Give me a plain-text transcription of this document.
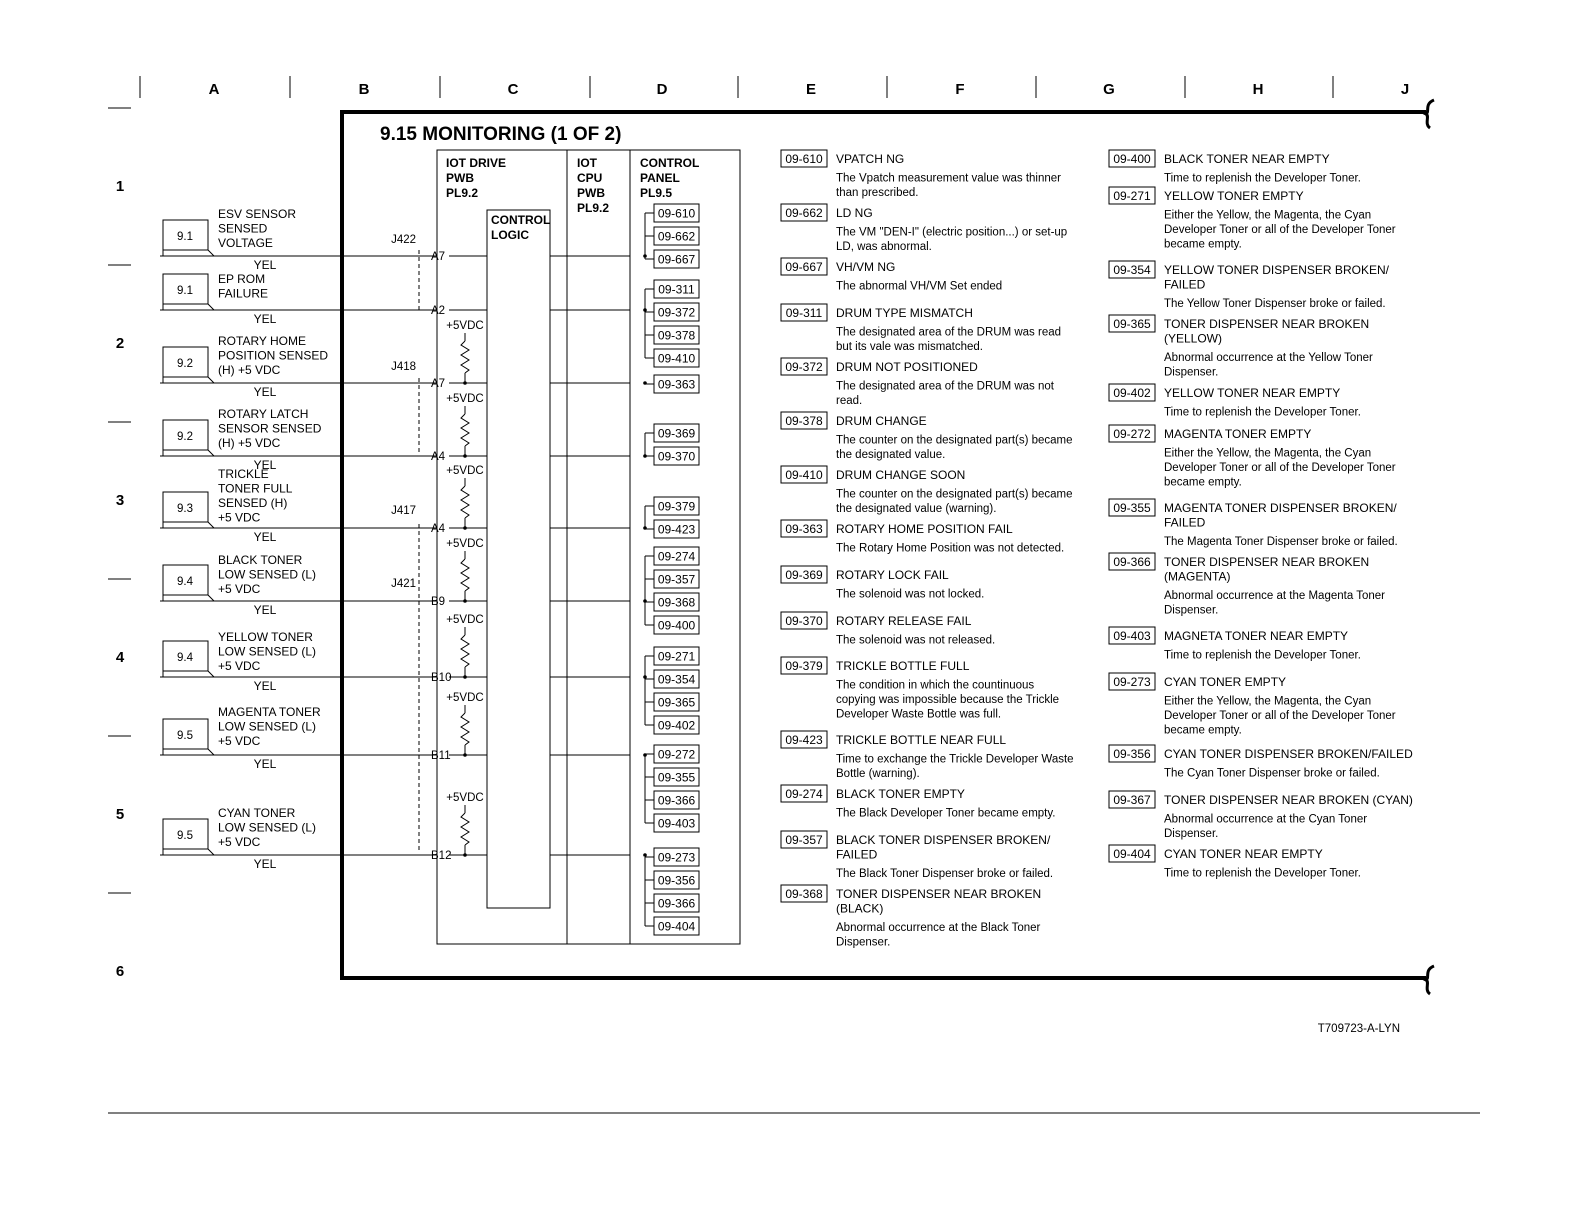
A	B	C	D	E	F	G	H	J
1
2
3
4
5
6
9.15 MONITORING (1 OF 2)
IOT DRIVE
PWB
PL9.2
IOT
CPU
PWB
PL9.2
CONTROL
PANEL
PL9.5
CONTROL
LOGIC
J422
J418
J417
J421
9.1
ESV SENSOR
SENSED
VOLTAGE
YEL
A7
9.1
EP ROM
FAILURE
YEL
A2
9.2
ROTARY HOME
POSITION SENSED
(H) +5 VDC
YEL
A7
+5VDC
9.2
ROTARY LATCH
SENSOR SENSED
(H) +5 VDC
YEL
A4
+5VDC
9.3
TRICKLE
TONER FULL
SENSED (H)
+5 VDC
YEL
A4
+5VDC
9.4
BLACK TONER
LOW SENSED (L)
+5 VDC
YEL
B9
+5VDC
9.4
YELLOW TONER
LOW SENSED (L)
+5 VDC
YEL
B10
+5VDC
9.5
MAGENTA TONER
LOW SENSED (L)
+5 VDC
YEL
B11
+5VDC
9.5
CYAN TONER
LOW SENSED (L)
+5 VDC
YEL
B12
+5VDC
09-610
09-662
09-667
09-311
09-372
09-378
09-410
09-363
09-369
09-370
09-379
09-423
09-274
09-357
09-368
09-400
09-271
09-354
09-365
09-402
09-272
09-355
09-366
09-403
09-273
09-356
09-366
09-404
09-610 VPATCH NG
The Vpatch measurement value was thinner
than prescribed.
09-662 LD NG
The VM "DEN-I" (electric position...) or set-up
LD, was abnormal.
09-667 VH/VM NG
The abnormal VH/VM Set ended
09-311 DRUM TYPE MISMATCH
The designated area of the DRUM was read
but its vale was mismatched.
09-372 DRUM NOT POSITIONED
The designated area of the DRUM was not
read.
09-378 DRUM CHANGE
The counter on the designated part(s) became
the designated value.
09-410 DRUM CHANGE SOON
The counter on the designated part(s) became
the designated value (warning).
09-363 ROTARY HOME POSITION FAIL
The Rotary Home Position was not detected.
09-369 ROTARY LOCK FAIL
The solenoid was not locked.
09-370 ROTARY RELEASE FAIL
The solenoid was not released.
09-379 TRICKLE BOTTLE FULL
The condition in which the countinuous
copying was impossible because the Trickle
Developer Waste Bottle was full.
09-423 TRICKLE BOTTLE NEAR FULL
Time to exchange the Trickle Developer Waste
Bottle (warning).
09-274 BLACK TONER EMPTY
The Black Developer Toner became empty.
09-357 BLACK TONER DISPENSER BROKEN/
FAILED
The Black Toner Dispenser broke or failed.
09-368 TONER DISPENSER NEAR BROKEN
(BLACK)
Abnormal occurrence at the Black Toner
Dispenser.
09-400 BLACK TONER NEAR EMPTY
Time to replenish the Developer Toner.
09-271 YELLOW TONER EMPTY
Either the Yellow, the Magenta, the Cyan
Developer Toner or all of the Developer Toner
became empty.
09-354 YELLOW TONER DISPENSER BROKEN/
FAILED
The Yellow Toner Dispenser broke or failed.
09-365 TONER DISPENSER NEAR BROKEN
(YELLOW)
Abnormal occurrence at the Yellow Toner
Dispenser.
09-402 YELLOW TONER NEAR EMPTY
Time to replenish the Developer Toner.
09-272 MAGENTA TONER EMPTY
Either the Yellow, the Magenta, the Cyan
Developer Toner or all of the Developer Toner
became empty.
09-355 MAGENTA TONER DISPENSER BROKEN/
FAILED
The Magenta Toner Dispenser broke or failed.
09-366 TONER DISPENSER NEAR BROKEN
(MAGENTA)
Abnormal occurrence at the Magenta Toner
Dispenser.
09-403 MAGNETA TONER NEAR EMPTY
Time to replenish the Developer Toner.
09-273 CYAN TONER EMPTY
Either the Yellow, the Magenta, the Cyan
Developer Toner or all of the Developer Toner
became empty.
09-356 CYAN TONER DISPENSER BROKEN/FAILED
The Cyan Toner Dispenser broke or failed.
09-367 TONER DISPENSER NEAR BROKEN (CYAN)
Abnormal occurrence at the Cyan Toner
Dispenser.
09-404 CYAN TONER NEAR EMPTY
Time to replenish the Developer Toner.
T709723-A-LYN
